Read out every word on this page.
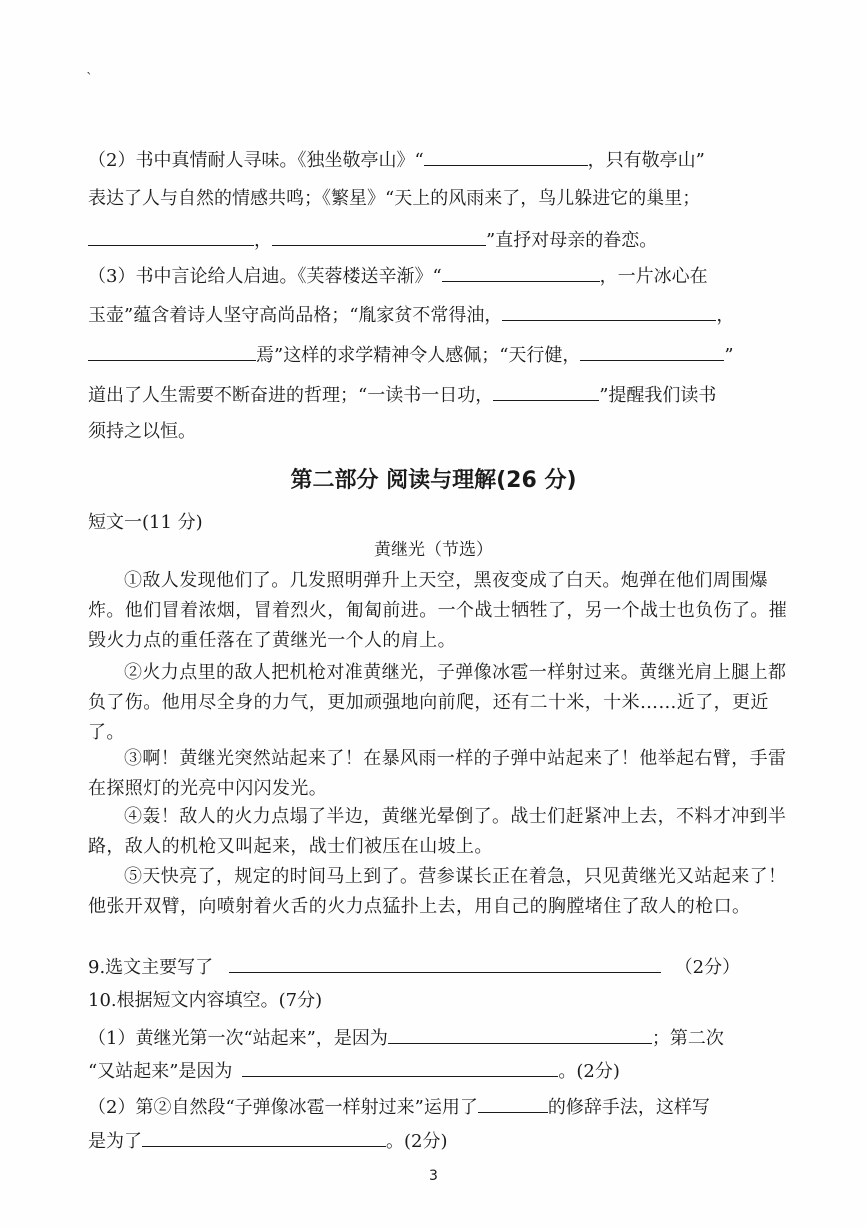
ˋ
（2）书中真情耐人寻味。《独坐敬亭山》“	，只有敬亭山”
表达了人与自然的情感共鸣；《繁星》“天上的风雨来了，鸟儿躲进它的巢里；
，	”直抒对母亲的眷恋。
（3）书中言论给人启迪。《芙蓉楼送辛渐》“	，一片冰心在
玉壶”蕴含着诗人坚守高尚品格；“胤家贫不常得油，	，
焉”这样的求学精神令人感佩；“天行健，	”
道出了人生需要不断奋进的哲理；“一读书一日功，	”提醒我们读书
须持之以恒。
第二部分 阅读与理解(26 分)
短文一(11 分)
黄继光（节选）
①敌人发现他们了。几发照明弹升上天空，黑夜变成了白天。炮弹在他们周围爆炸。他们冒着浓烟，冒着烈火，匍匐前进。一个战士牺牲了，另一个战士也负伤了。摧毁火力点的重任落在了黄继光一个人的肩上。
②火力点里的敌人把机枪对准黄继光，子弹像冰雹一样射过来。黄继光肩上腿上都负了伤。他用尽全身的力气，更加顽强地向前爬，还有二十米，十米……近了，更近了。
③啊！黄继光突然站起来了！在暴风雨一样的子弹中站起来了！他举起右臂，手雷在探照灯的光亮中闪闪发光。
④轰！敌人的火力点塌了半边，黄继光晕倒了。战士们赶紧冲上去，不料才冲到半路，敌人的机枪又叫起来，战士们被压在山坡上。
⑤天快亮了，规定的时间马上到了。营参谋长正在着急，只见黄继光又站起来了！他张开双臂，向喷射着火舌的火力点猛扑上去，用自己的胸膛堵住了敌人的枪口。
9.选文主要写了	（2分）
10.根据短文内容填空。(7分)
（1）黄继光第一次“站起来”，是因为	；第二次
“又站起来”是因为	。(2分)
（2）第②自然段“子弹像冰雹一样射过来”运用了	的修辞手法，这样写
是为了	。(2分)
3
